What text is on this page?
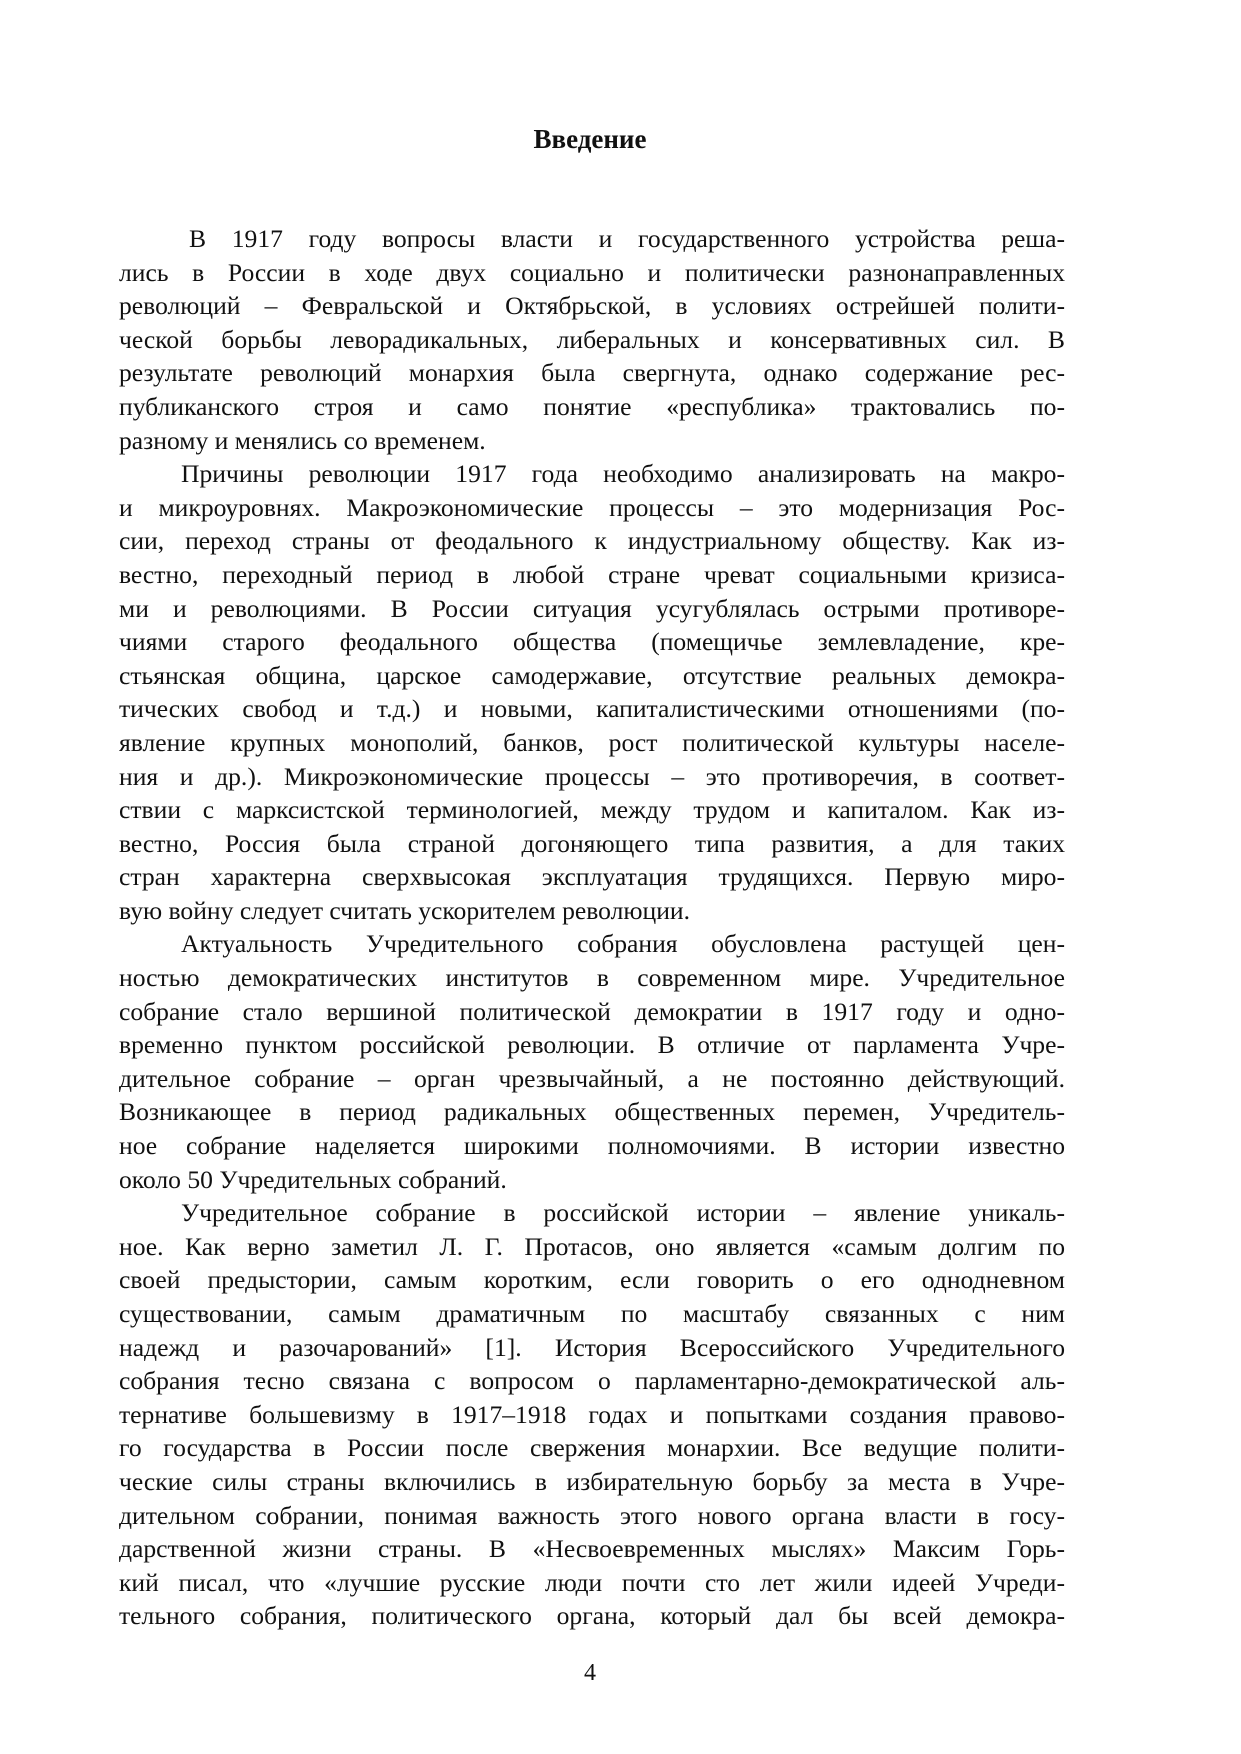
Введение
В 1917 году вопросы власти и государственного устройства реша-
лись в России в ходе двух социально и политически разнонаправленных
революций – Февральской и Октябрьской, в условиях острейшей полити-
ческой борьбы леворадикальных, либеральных и консервативных сил. В
результате революций монархия была свергнута, однако содержание рес-
публиканского строя и само понятие «республика» трактовались по-
разному и менялись со временем.
Причины революции 1917 года необходимо анализировать на макро-
и микроуровнях. Макроэкономические процессы – это модернизация Рос-
сии, переход страны от феодального к индустриальному обществу. Как из-
вестно, переходный период в любой стране чреват социальными кризиса-
ми и революциями. В России ситуация усугублялась острыми противоре-
чиями старого феодального общества (помещичье землевладение, кре-
стьянская община, царское самодержавие, отсутствие реальных демокра-
тических свобод и т.д.) и новыми, капиталистическими отношениями (по-
явление крупных монополий, банков, рост политической культуры населе-
ния и др.). Микроэкономические процессы – это противоречия, в соответ-
ствии с марксистской терминологией, между трудом и капиталом. Как из-
вестно, Россия была страной догоняющего типа развития, а для таких
стран характерна сверхвысокая эксплуатация трудящихся. Первую миро-
вую войну следует считать ускорителем революции.
Актуальность Учредительного собрания обусловлена растущей цен-
ностью демократических институтов в современном мире. Учредительное
собрание стало вершиной политической демократии в 1917 году и одно-
временно пунктом российской революции. В отличие от парламента Учре-
дительное собрание – орган чрезвычайный, а не постоянно действующий.
Возникающее в период радикальных общественных перемен, Учредитель-
ное собрание наделяется широкими полномочиями. В истории известно
около 50 Учредительных собраний.
Учредительное собрание в российской истории – явление уникаль-
ное. Как верно заметил Л. Г. Протасов, оно является «самым долгим по
своей предыстории, самым коротким, если говорить о его однодневном
существовании, самым драматичным по масштабу связанных с ним
надежд и разочарований» [1]. История Всероссийского Учредительного
собрания тесно связана с вопросом о парламентарно-демократической аль-
тернативе большевизму в 1917–1918 годах и попытками создания правово-
го государства в России после свержения монархии. Все ведущие полити-
ческие силы страны включились в избирательную борьбу за места в Учре-
дительном собрании, понимая важность этого нового органа власти в госу-
дарственной жизни страны. В «Несвоевременных мыслях» Максим Горь-
кий писал, что «лучшие русские люди почти сто лет жили идеей Учреди-
тельного собрания, политического органа, который дал бы всей демокра-
4
